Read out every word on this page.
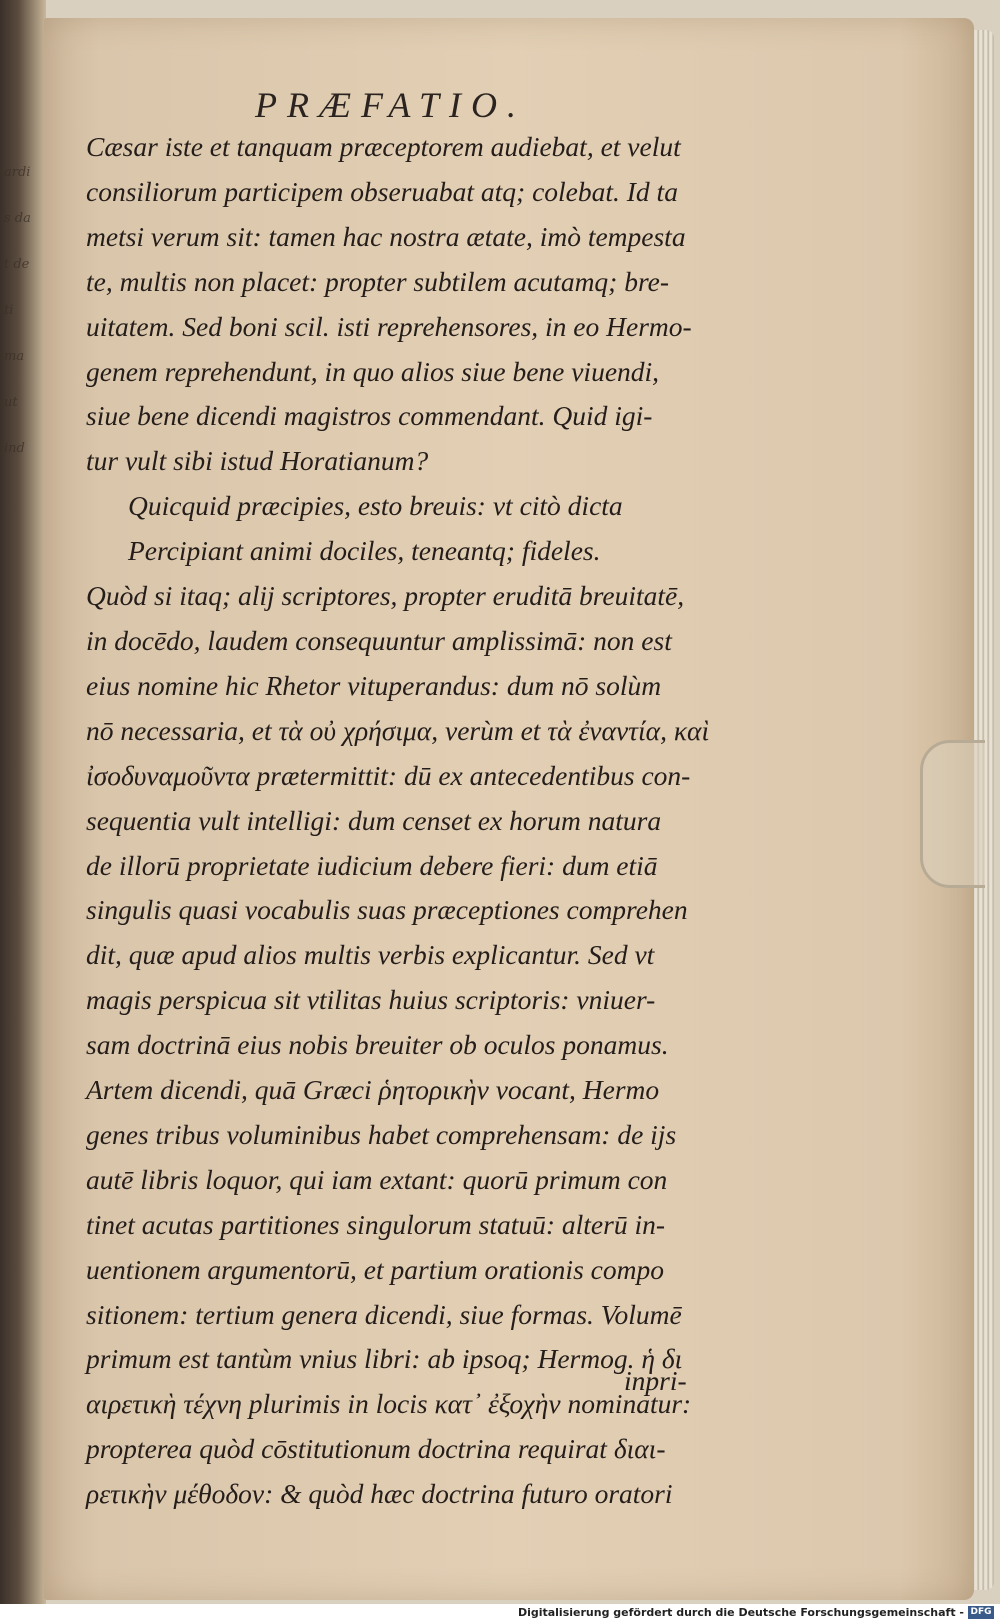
ardi
s da
t de
ti
ma
ut
ind
PRÆFATIO.
Cæsar iste et tanquam præceptorem audiebat, et velut
consiliorum participem obseruabat atq; colebat. Id ta
metsi verum sit: tamen hac nostra ætate, imò tempesta
te, multis non placet: propter subtilem acutamq; bre-
uitatem. Sed boni scil. isti reprehensores, in eo Hermo-
genem reprehendunt, in quo alios siue bene viuendi,
siue bene dicendi magistros commendant. Quid igi-
tur vult sibi istud Horatianum?
Quicquid præcipies, esto breuis: vt citò dicta
Percipiant animi dociles, teneantq; fideles.
Quòd si itaq; alij scriptores, propter eruditā breuitatē,
in docēdo, laudem consequuntur amplissimā: non est
eius nomine hic Rhetor vituperandus: dum nō solùm
nō necessaria, et τὰ οὐ χρήσιμα, verùm et τὰ ἐναντία, καὶ
ἰσοδυναμοῦντα prætermittit: dū ex antecedentibus con-
sequentia vult intelligi: dum censet ex horum natura
de illorū proprietate iudicium debere fieri: dum etiā
singulis quasi vocabulis suas præceptiones comprehen
dit, quæ apud alios multis verbis explicantur. Sed vt
magis perspicua sit vtilitas huius scriptoris: vniuer-
sam doctrinā eius nobis breuiter ob oculos ponamus.
Artem dicendi, quā Græci ῥητορικὴν vocant, Hermo
genes tribus voluminibus habet comprehensam: de ijs
autē libris loquor, qui iam extant: quorū primum con
tinet acutas partitiones singulorum statuū: alterū in-
uentionem argumentorū, et partium orationis compo
sitionem: tertium genera dicendi, siue formas. Volumē
primum est tantùm vnius libri: ab ipsoq; Hermog. ἡ δι
αιρετικὴ τέχνη plurimis in locis κατ᾽ ἐξοχὴν nominatur:
propterea quòd cōstitutionum doctrina requirat διαι-
ρετικὴν μέθοδον: & quòd hæc doctrina futuro oratori
inpri-
Digitalisierung gefördert durch die Deutsche Forschungsgemeinschaft - DFG
